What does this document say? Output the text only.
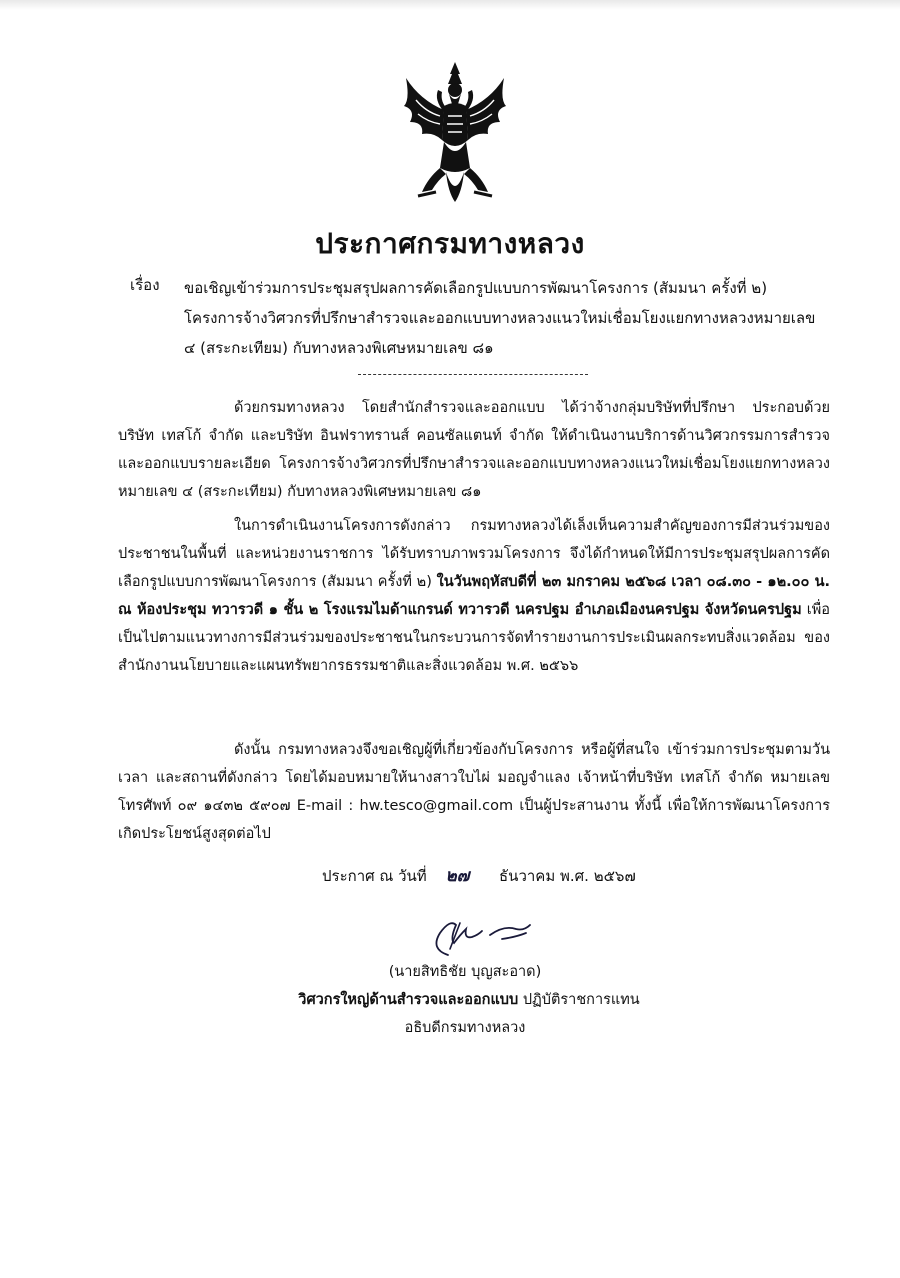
ประกาศกรมทางหลวง
เรื่อง ขอเชิญเข้าร่วมการประชุมสรุปผลการคัดเลือกรูปแบบการพัฒนาโครงการ (สัมมนา ครั้งที่ ๒) โครงการจ้างวิศวกรที่ปรึกษาสำรวจและออกแบบทางหลวงแนวใหม่เชื่อมโยงแยกทางหลวงหมายเลข ๔ (สระกะเทียม) กับทางหลวงพิเศษหมายเลข ๘๑
ด้วยกรมทางหลวง โดยสำนักสำรวจและออกแบบ ได้ว่าจ้างกลุ่มบริษัทที่ปรึกษา ประกอบด้วย บริษัท เทสโก้ จำกัด และบริษัท อินฟราทรานส์ คอนซัลแตนท์ จำกัด ให้ดำเนินงานบริการด้านวิศวกรรมการสำรวจและออกแบบรายละเอียด โครงการจ้างวิศวกรที่ปรึกษาสำรวจและออกแบบทางหลวงแนวใหม่เชื่อมโยงแยกทางหลวงหมายเลข ๔ (สระกะเทียม) กับทางหลวงพิเศษหมายเลข ๘๑
ในการดำเนินงานโครงการดังกล่าว กรมทางหลวงได้เล็งเห็นความสำคัญของการมีส่วนร่วมของประชาชนในพื้นที่ และหน่วยงานราชการ ได้รับทราบภาพรวมโครงการ จึงได้กำหนดให้มีการประชุมสรุปผลการคัดเลือกรูปแบบการพัฒนาโครงการ (สัมมนา ครั้งที่ ๒) ในวันพฤหัสบดีที่ ๒๓ มกราคม ๒๕๖๘ เวลา ๐๘.๓๐ - ๑๒.๐๐ น. ณ ห้องประชุม ทวารวดี ๑ ชั้น ๒ โรงแรมไมด้าแกรนด์ ทวารวดี นครปฐม อำเภอเมืองนครปฐม จังหวัดนครปฐม เพื่อเป็นไปตามแนวทางการมีส่วนร่วมของประชาชนในกระบวนการจัดทำรายงานการประเมินผลกระทบสิ่งแวดล้อม ของสำนักงานนโยบายและแผนทรัพยากรธรรมชาติและสิ่งแวดล้อม พ.ศ. ๒๕๖๖
ดังนั้น กรมทางหลวงจึงขอเชิญผู้ที่เกี่ยวข้องกับโครงการ หรือผู้ที่สนใจ เข้าร่วมการประชุมตามวัน เวลา และสถานที่ดังกล่าว โดยได้มอบหมายให้นางสาวใบไผ่ มอญจำแลง เจ้าหน้าที่บริษัท เทสโก้ จำกัด หมายเลขโทรศัพท์ ๐๙ ๑๔๓๒ ๕๙๐๗ E-mail : hw.tesco@gmail.com เป็นผู้ประสานงาน ทั้งนี้ เพื่อให้การพัฒนาโครงการเกิดประโยชน์สูงสุดต่อไป
ประกาศ ณ วันที่ ๒๗ ธันวาคม พ.ศ. ๒๕๖๗
(นายสิทธิชัย บุญสะอาด)
วิศวกรใหญ่ด้านสำรวจและออกแบบ ปฏิบัติราชการแทน
อธิบดีกรมทางหลวง
